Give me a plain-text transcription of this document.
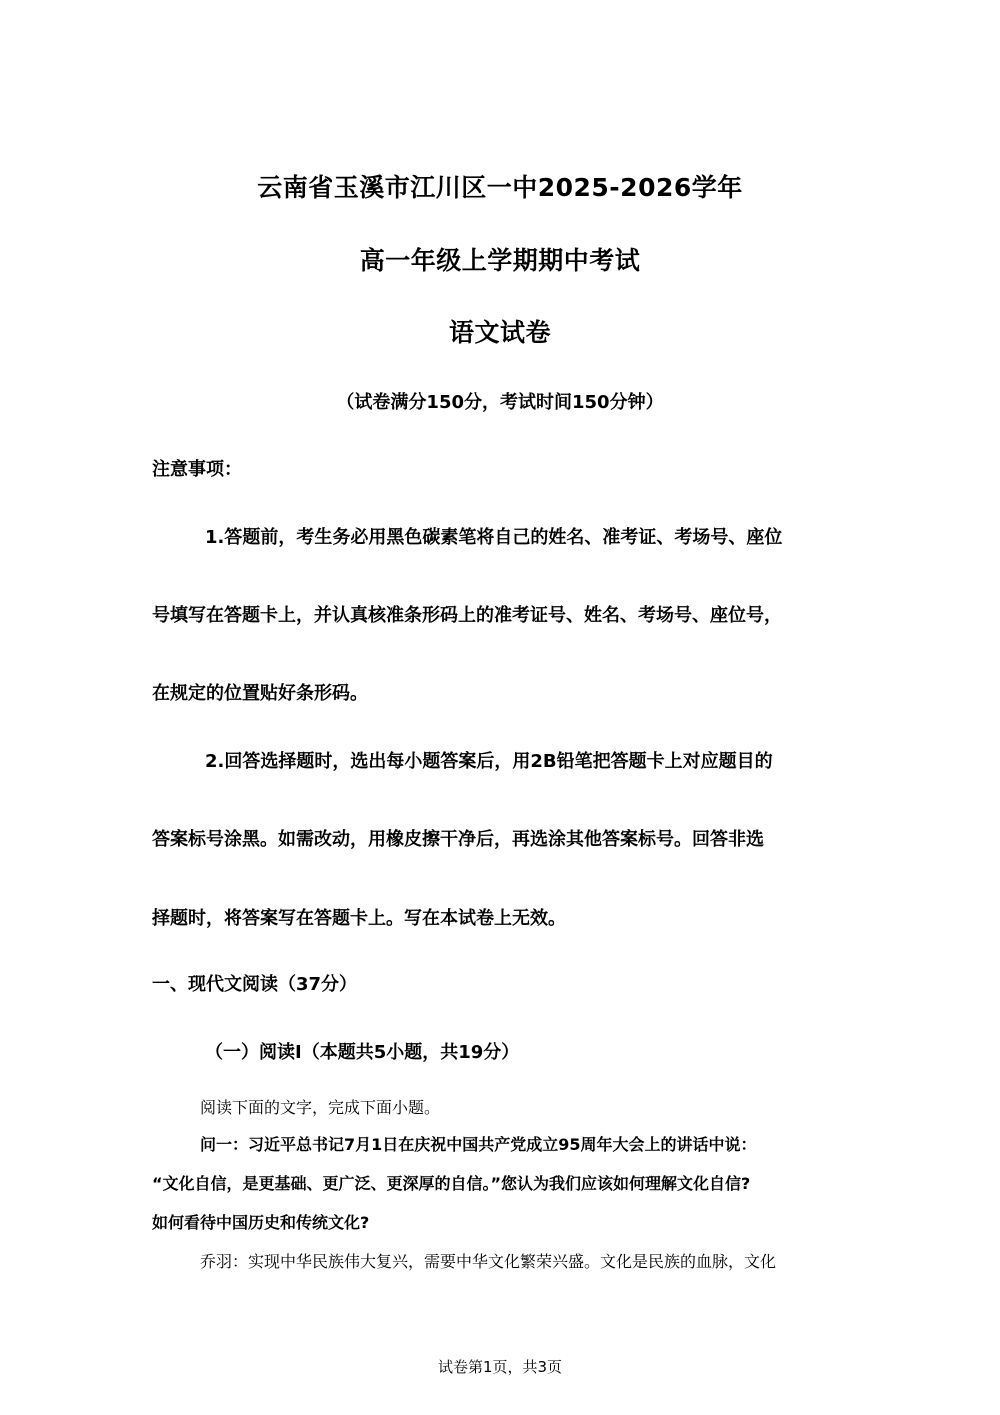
云南省玉溪市江川区一中2025-2026学年
高一年级上学期期中考试
语文试卷
（试卷满分150分，考试时间150分钟）
注意事项：
1.答题前，考生务必用黑色碳素笔将自己的姓名、准考证、考场号、座位
号填写在答题卡上，并认真核准条形码上的准考证号、姓名、考场号、座位号，
在规定的位置贴好条形码。
2.回答选择题时，选出每小题答案后，用2B铅笔把答题卡上对应题目的
答案标号涂黑。如需改动，用橡皮擦干净后，再选涂其他答案标号。回答非选
择题时，将答案写在答题卡上。写在本试卷上无效。
一、现代文阅读（37分）
（一）阅读I（本题共5小题，共19分）
阅读下面的文字，完成下面小题。
问一：习近平总书记7月1日在庆祝中国共产党成立95周年大会上的讲话中说：
“文化自信，是更基础、更广泛、更深厚的自信。”您认为我们应该如何理解文化自信?
如何看待中国历史和传统文化?
乔羽：实现中华民族伟大复兴，需要中华文化繁荣兴盛。文化是民族的血脉，文化
试卷第1页，共3页
